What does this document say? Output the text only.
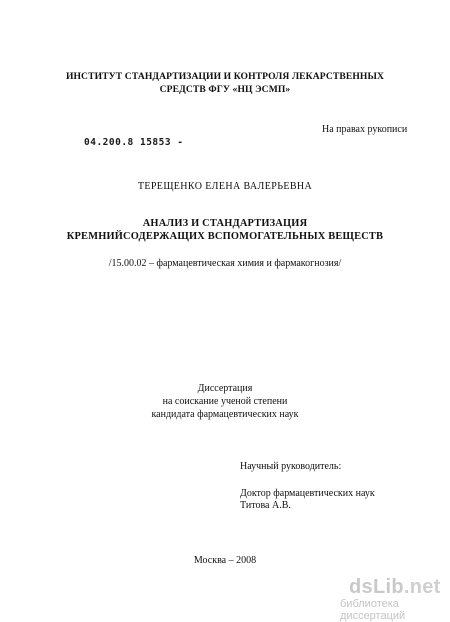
ИНСТИТУТ СТАНДАРТИЗАЦИИ И КОНТРОЛЯ ЛЕКАРСТВЕННЫХ
СРЕДСТВ ФГУ «НЦ ЭСМП»
На правах рукописи
04.200.8 15853 -
ТЕРЕЩЕНКО ЕЛЕНА ВАЛЕРЬЕВНА
АНАЛИЗ И СТАНДАРТИЗАЦИЯ
КРЕМНИЙСОДЕРЖАЩИХ ВСПОМОГАТЕЛЬНЫХ ВЕЩЕСТВ
/15.00.02 – фармацевтическая химия и фармакогнозия/
Диссертация
на соискание ученой степени
кандидата фармацевтических наук
Научный руководитель:
Доктор фармацевтических наук
Титова А.В.
Москва – 2008
dsLib.net
библиотека диссертаций
